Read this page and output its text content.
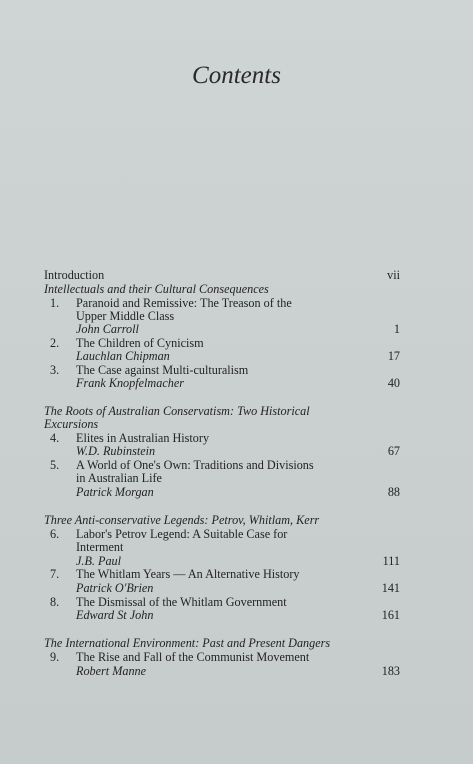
Contents
Introduction	vii
Intellectuals and their Cultural Consequences
1. Paranoid and Remissive: The Treason of the
Upper Middle Class
John Carroll	1
2. The Children of Cynicism
Lauchlan Chipman	17
3. The Case against Multi-culturalism
Frank Knopfelmacher	40
The Roots of Australian Conservatism: Two Historical
Excursions
4. Elites in Australian History
W.D. Rubinstein	67
5. A World of One's Own: Traditions and Divisions
in Australian Life
Patrick Morgan	88
Three Anti-conservative Legends: Petrov, Whitlam, Kerr
6. Labor's Petrov Legend: A Suitable Case for
Interment
J.B. Paul	111
7. The Whitlam Years — An Alternative History
Patrick O'Brien	141
8. The Dismissal of the Whitlam Government
Edward St John	161
The International Environment: Past and Present Dangers
9. The Rise and Fall of the Communist Movement
Robert Manne	183
